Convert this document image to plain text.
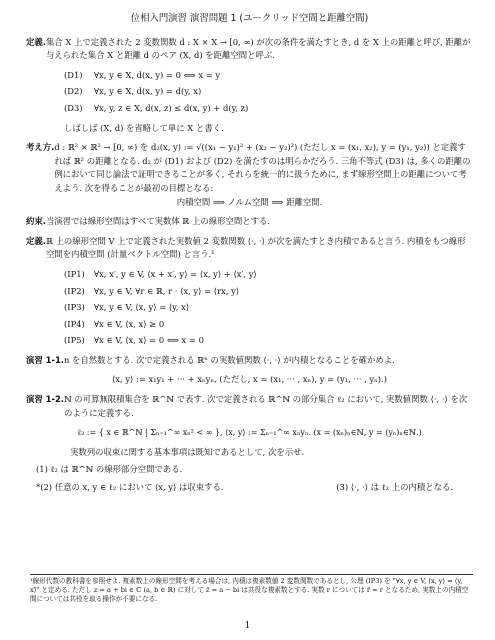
位相入門演習 演習問題 1 (ユークリッド空間と距離空間)
定義. 集合 X 上で定義された 2 変数関数 d : X × X → [0, ∞) が次の条件を満たすとき, d を X 上の距離と呼び, 距離が与えられた集合 X と距離 d のペア (X, d) を距離空間と呼ぶ.
(D1) ∀x, y ∈ X, d(x, y) = 0 ⟺ x = y
(D2) ∀x, y ∈ X, d(x, y) = d(y, x)
(D3) ∀x, y, z ∈ X, d(x, z) ≤ d(x, y) + d(y, z)
しばしば (X, d) を省略して単に X と書く.
考え方. d : ℝ² × ℝ² → [0, ∞) を d₂(x, y) := √((x₁ − y₁)² + (x₂ − y₂)²) (ただし x = (x₁, x₂), y = (y₁, y₂)) と定義すれば ℝ² の距離となる. d₂ が (D1) および (D2) を満たすのは明らかだろう. 三角不等式 (D3) は, 多くの距離の例において同じ論法で証明できることが多く, それらを統一的に扱うために, まず線形空間上の距離について考えよう. 次を得ることが最初の目標となる:
内積空間 ⟹ ノルム空間 ⟹ 距離空間.
約束. 当演習では線形空間はすべて実数体 ℝ 上の線形空間とする.
定義. ℝ 上の線形空間 V 上で定義された実数値 2 変数関数 ⟨·, ·⟩ が次を満たすとき内積であると言う. 内積をもつ線形空間を内積空間 (計量ベクトル空間) と言う.¹
(IP1) ∀x, x′, y ∈ V, ⟨x + x′, y⟩ = ⟨x, y⟩ + ⟨x′, y⟩
(IP2) ∀x, y ∈ V, ∀r ∈ ℝ, r · ⟨x, y⟩ = ⟨rx, y⟩
(IP3) ∀x, y ∈ V, ⟨x, y⟩ = ⟨y, x⟩
(IP4) ∀x ∈ V, ⟨x, x⟩ ≥ 0
(IP5) ∀x ∈ V, ⟨x, x⟩ = 0 ⟺ x = 0
演習 1-1. n を自然数とする. 次で定義される ℝⁿ の実数値関数 ⟨·, ·⟩ が内積となることを確かめよ.
⟨x, y⟩ := x₁y₁ + ··· + xₙyₙ, (ただし, x = (x₁, ··· , xₙ), y = (y₁, ··· , yₙ).)
演習 1-2. ℕ の可算無限積集合を ℝ^ℕ で表す. 次で定義される ℝ^ℕ の部分集合 ℓ₂ において, 実数値関数 ⟨·, ·⟩ を次のように定義する.
ℓ₂ := { x ∈ ℝ^ℕ | Σₙ₌₁^∞ xₙ² < ∞ }, ⟨x, y⟩ := Σₙ₌₁^∞ xₙyₙ. (x = (xₙ)ₙ∈ℕ, y = (yₙ)ₙ∈ℕ.)
実数列の収束に関する基本事項は既知であるとして, 次を示せ.
(1) ℓ₂ は ℝ^ℕ の線形部分空間である.
*(2) 任意の x, y ∈ ℓ₂ において ⟨x, y⟩ は収束する.	(3) ⟨·, ·⟩ は ℓ₂ 上の内積となる.
¹線形代数の教科書を参照せよ. 複素数上の線形空間を考える場合は, 内積は複素数値 2 変数関数であるとし, 公理 (IP3) を "∀x, y ∈ V, ⟨x, y⟩ = ⟨y, x⟩̄" と定める. ただし z = a + bi ∈ ℂ (a, b ∈ ℝ) に対して z̄ = a − bi は共役な複素数とする. 実数 r については r̄ = r となるため, 実数上の内積空間については共役を取る操作が不要になる.
1
